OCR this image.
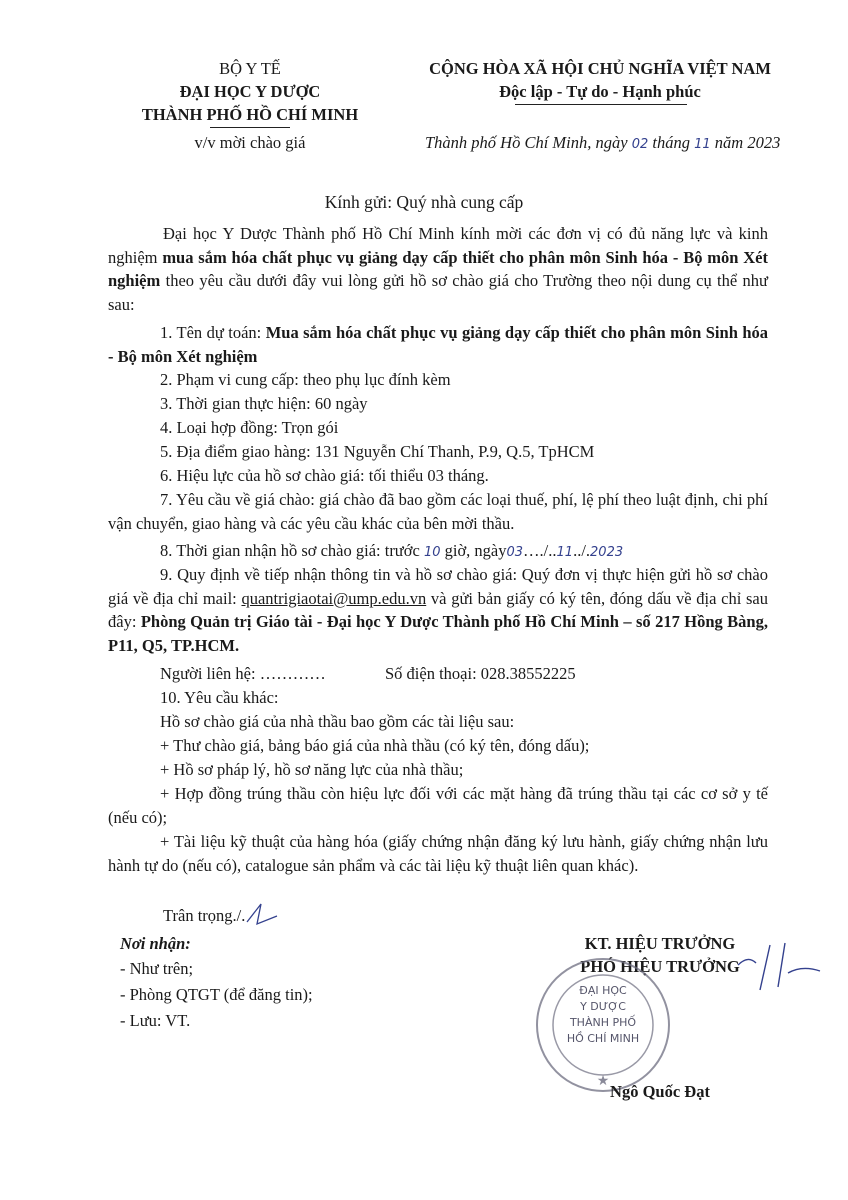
BỘ Y TẾ
ĐẠI HỌC Y DƯỢC
THÀNH PHỐ HỒ CHÍ MINH
v/v mời chào giá
CỘNG HÒA XÃ HỘI CHỦ NGHĨA VIỆT NAM
Độc lập - Tự do - Hạnh phúc
Thành phố Hồ Chí Minh, ngày 02 tháng 11 năm 2023
Kính gửi: Quý nhà cung cấp
Đại học Y Dược Thành phố Hồ Chí Minh kính mời các đơn vị có đủ năng lực và kinh nghiệm mua sắm hóa chất phục vụ giảng dạy cấp thiết cho phân môn Sinh hóa - Bộ môn Xét nghiệm theo yêu cầu dưới đây vui lòng gửi hồ sơ chào giá cho Trường theo nội dung cụ thể như sau:
1. Tên dự toán: Mua sắm hóa chất phục vụ giảng dạy cấp thiết cho phân môn Sinh hóa - Bộ môn Xét nghiệm
2. Phạm vi cung cấp: theo phụ lục đính kèm
3. Thời gian thực hiện: 60 ngày
4. Loại hợp đồng: Trọn gói
5. Địa điểm giao hàng: 131 Nguyễn Chí Thanh, P.9, Q.5, TpHCM
6. Hiệu lực của hồ sơ chào giá: tối thiểu 03 tháng.
7. Yêu cầu về giá chào: giá chào đã bao gồm các loại thuế, phí, lệ phí theo luật định, chi phí vận chuyển, giao hàng và các yêu cầu khác của bên mời thầu.
8. Thời gian nhận hồ sơ chào giá: trước 10 giờ, ngày03…./..11../.2023
9. Quy định về tiếp nhận thông tin và hồ sơ chào giá: Quý đơn vị thực hiện gửi hồ sơ chào giá về địa chỉ mail: quantrigiaotai@ump.edu.vn và gửi bản giấy có ký tên, đóng dấu về địa chỉ sau đây: Phòng Quản trị Giáo tài - Đại học Y Dược Thành phố Hồ Chí Minh – số 217 Hồng Bàng, P11, Q5, TP.HCM.
Người liên hệ: …………	Số điện thoại: 028.38552225
10. Yêu cầu khác:
Hồ sơ chào giá của nhà thầu bao gồm các tài liệu sau:
+ Thư chào giá, bảng báo giá của nhà thầu (có ký tên, đóng dấu);
+ Hồ sơ pháp lý, hồ sơ năng lực của nhà thầu;
+ Hợp đồng trúng thầu còn hiệu lực đối với các mặt hàng đã trúng thầu tại các cơ sở y tế (nếu có);
+ Tài liệu kỹ thuật của hàng hóa (giấy chứng nhận đăng ký lưu hành, giấy chứng nhận lưu hành tự do (nếu có), catalogue sản phẩm và các tài liệu kỹ thuật liên quan khác).
Trân trọng./.
Nơi nhận:
- Như trên;
- Phòng QTGT (để đăng tin);
- Lưu: VT.
KT. HIỆU TRƯỞNG
PHÓ HIỆU TRƯỞNG
★
ĐẠI HỌC
Y DƯỢC
THÀNH PHỐ
HỒ CHÍ MINH
Ngô Quốc Đạt
